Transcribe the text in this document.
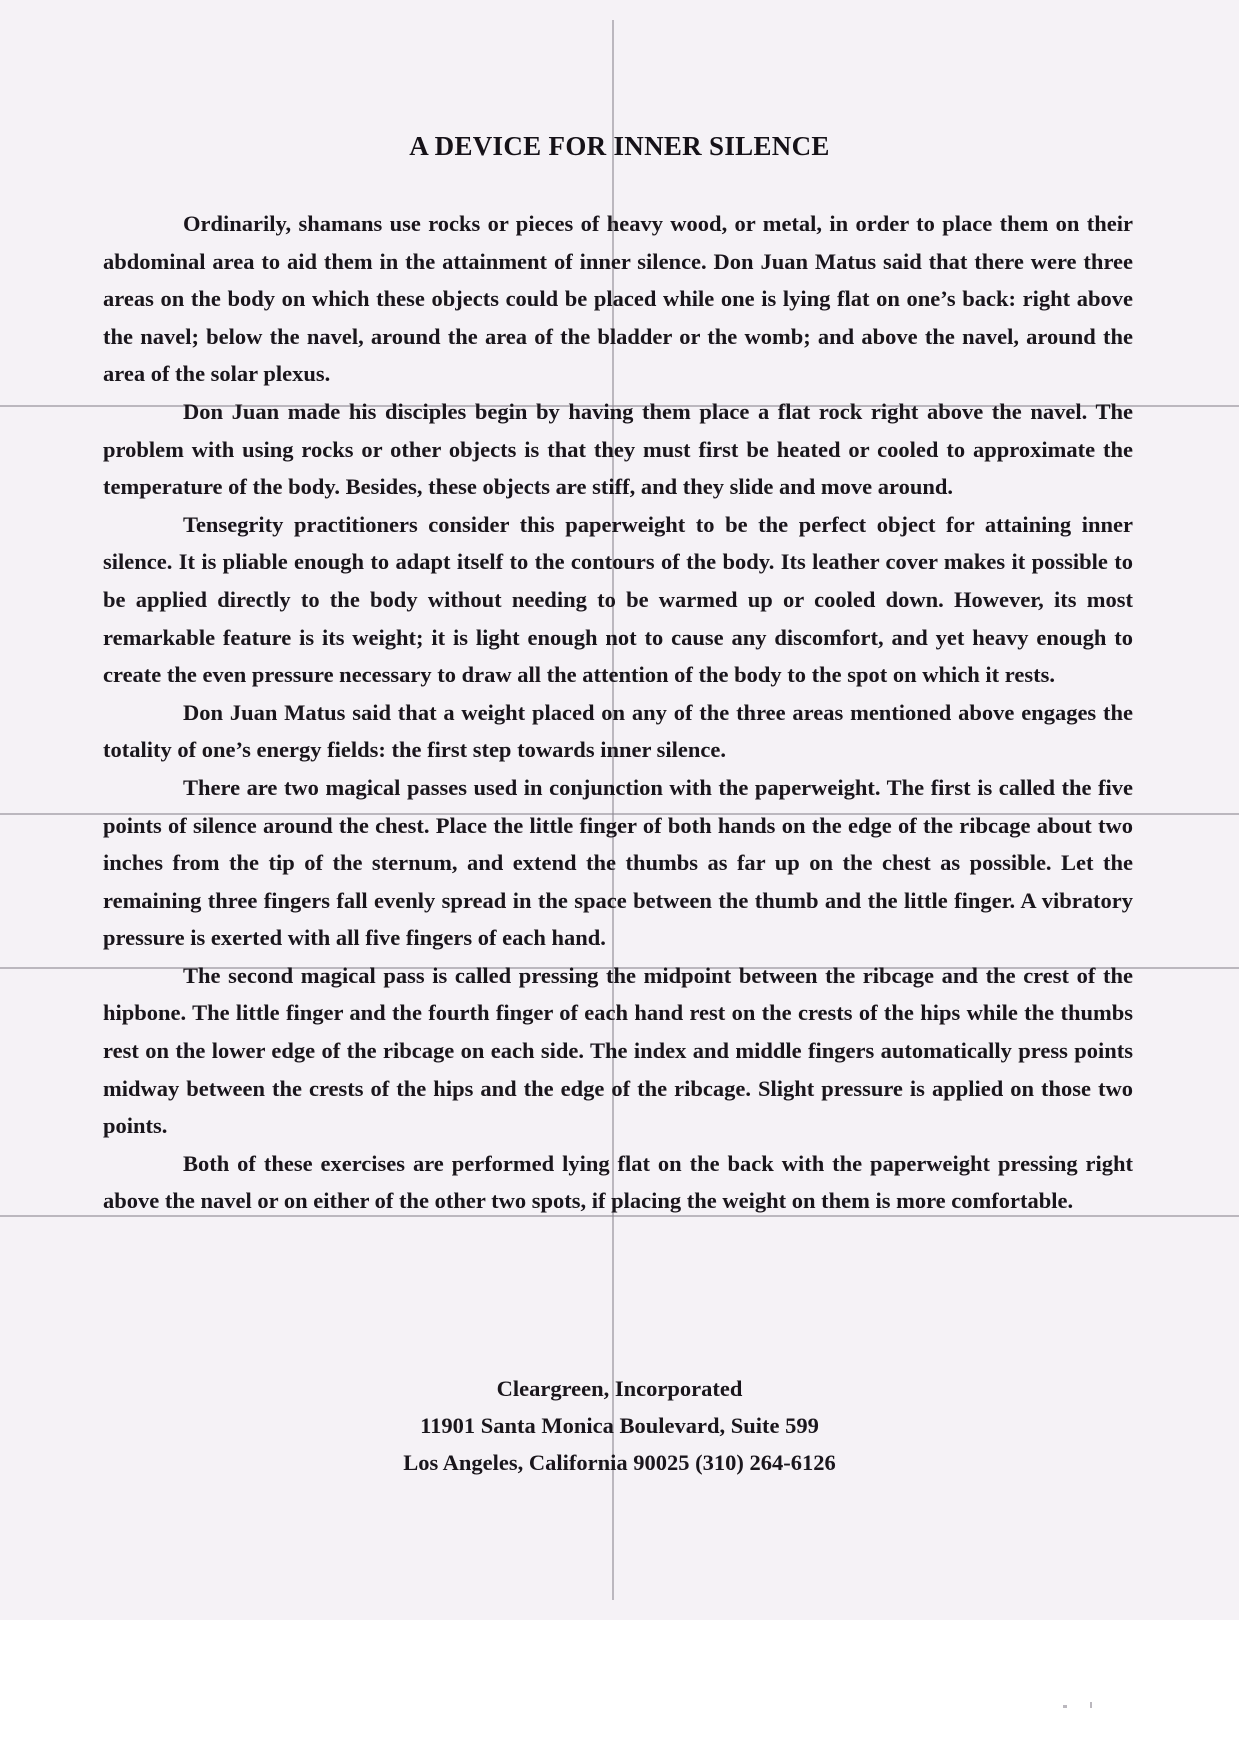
A DEVICE FOR INNER SILENCE

Ordinarily, shamans use rocks or pieces of heavy wood, or metal, in order to place them on their abdominal area to aid them in the attainment of inner silence. Don Juan Matus said that there were three areas on the body on which these objects could be placed while one is lying flat on one’s back: right above the navel; below the navel, around the area of the bladder or the womb; and above the navel, around the area of the solar plexus.

Don Juan made his disciples begin by having them place a flat rock right above the navel. The problem with using rocks or other objects is that they must first be heated or cooled to approximate the temperature of the body. Besides, these objects are stiff, and they slide and move around.

Tensegrity practitioners consider this paperweight to be the perfect object for attaining inner silence. It is pliable enough to adapt itself to the contours of the body. Its leather cover makes it possible to be applied directly to the body without needing to be warmed up or cooled down. However, its most remarkable feature is its weight; it is light enough not to cause any discomfort, and yet heavy enough to create the even pressure necessary to draw all the attention of the body to the spot on which it rests.

Don Juan Matus said that a weight placed on any of the three areas mentioned above engages the totality of one’s energy fields: the first step towards inner silence.

There are two magical passes used in conjunction with the paperweight. The first is called the five points of silence around the chest. Place the little finger of both hands on the edge of the ribcage about two inches from the tip of the sternum, and extend the thumbs as far up on the chest as possible. Let the remaining three fingers fall evenly spread in the space between the thumb and the little finger. A vibratory pressure is exerted with all five fingers of each hand.

The second magical pass is called pressing the midpoint between the ribcage and the crest of the hipbone. The little finger and the fourth finger of each hand rest on the crests of the hips while the thumbs rest on the lower edge of the ribcage on each side. The index and middle fingers automatically press points midway between the crests of the hips and the edge of the ribcage. Slight pressure is applied on those two points.

Both of these exercises are performed lying flat on the back with the paperweight pressing right above the navel or on either of the other two spots, if placing the weight on them is more comfortable.

Cleargreen, Incorporated
11901 Santa Monica Boulevard, Suite 599
Los Angeles, California 90025 (310) 264-6126
